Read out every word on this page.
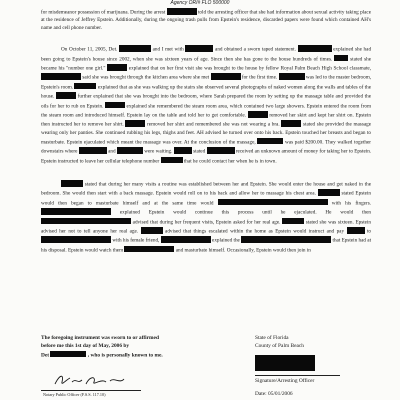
Agency ORI# FLO 500000

for misdemeanor possession of marijuana. During the arrest	told the arresting officer that she had information about sexual activity taking place at the residence of Jeffrey Epstein. Additionally, during the ongoing trash pulls from Epstein's residence, discarded papers were found which contained AH's name and cell phone number.

On October 11, 2005, Det.	and I met with	and obtained a sworn taped statement.	explained she had been going to Epstein's house since 2002, when she was sixteen years of age. Since then she has gone to the house hundreds of times.	stated she became his "number one girl."	explained that on her first visit she was brought to the house by fellow Royal Palm Beach High School classmate,  said she was brought through the kitchen area where she met	for the first time.	was led to the master bedroom, Epstein's room.	explained that as she was walking up the stairs she observed several photographs of naked women along the walls and tables of the house.	further explained that she was brought into the bedroom, where Sarah prepared the room by setting up the massage table and provided the oils for her to rub on Epstein.	explained she remembered the steam room area, which contained two large showers. Epstein entered the room from the steam room and introduced himself. Epstein lay on the table and told her to get comfortable.	removed her skirt and kept her shirt on. Epstein then instructed her to remove her shirt.	removed her shirt and remembered she was not wearing a bra.	stated she provided the massage wearing only her panties. She continued rubbing his legs, thighs and feet. AH advised he turned over onto his back. Epstein touched her breasts and began to masturbate. Epstein ejaculated which meant the massage was over. At the conclusion of the massage,	was paid $200.00. They walked together downstairs where	and	were waiting.	stated	received an unknown amount of money for taking her to Epstein. Epstein instructed to leave her cellular telephone number	that he could contact her when he is in town.

stated that during her many visits a routine was established between her and Epstein. She would enter the house and get naked in the bedroom. She would then start with a back massage. Epstein would roll on to his back and allow her to massage his chest area.	stated Epstein would then began to masturbate himself and at the same time would	with his fingers.  explained Epstein would continue this process until he ejaculated. He would then  advised that during her frequent visits, Epstein asked for her real age.	stated she was sixteen. Epstein advised her not to tell anyone her real age.	advised that things escalated within the home as Epstein would instruct and pay	to  with his female friend,	explained the	that Epstein had at his disposal. Epstein would watch them	and masturbate himself. Occasionally, Epstein would then join in

The foregoing instrument was sworn to or affirmed
before me this 1st day of May, 2006 by
Det	, who is personally known to me.
Notary Public Officer (F.S.S. 117.10)
State of Florida
County of Palm Beach
Signature/Arresting Officer
Date: 05/01/2006
